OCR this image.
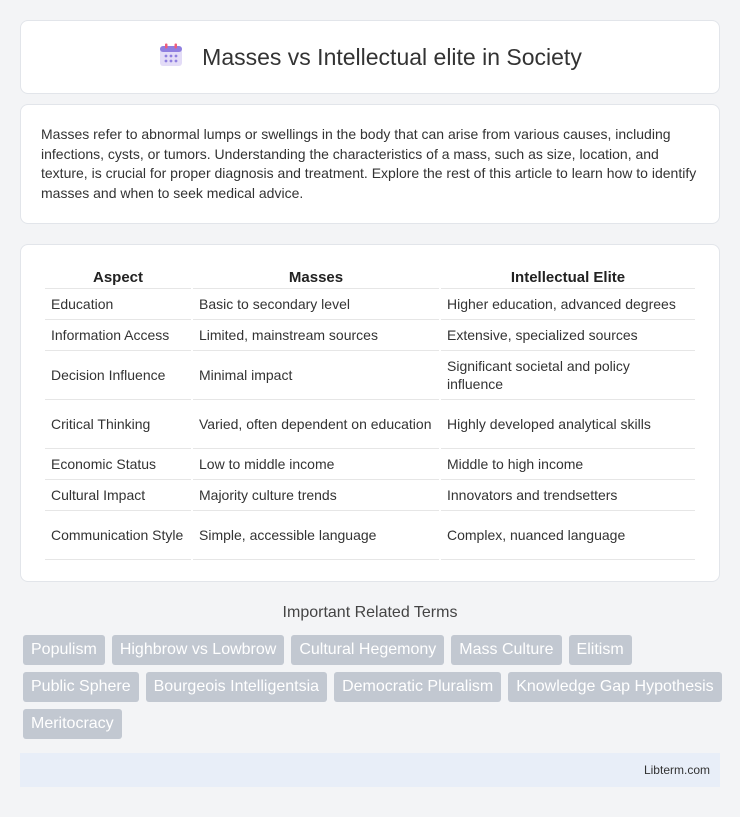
Masses vs Intellectual elite in Society

Masses refer to abnormal lumps or swellings in the body that can arise from various causes, including infections, cysts, or tumors. Understanding the characteristics of a mass, such as size, location, and texture, is crucial for proper diagnosis and treatment. Explore the rest of this article to learn how to identify masses and when to seek medical advice.

Aspect	Masses	Intellectual Elite
Education	Basic to secondary level	Higher education, advanced degrees
Information Access	Limited, mainstream sources	Extensive, specialized sources
Decision Influence	Minimal impact	Significant societal and policy influence
Critical Thinking	Varied, often dependent on education	Highly developed analytical skills
Economic Status	Low to middle income	Middle to high income
Cultural Impact	Majority culture trends	Innovators and trendsetters
Communication Style	Simple, accessible language	Complex, nuanced language
Important Related Terms
Populism	Highbrow vs Lowbrow	Cultural Hegemony	Mass Culture	Elitism
Public Sphere	Bourgeois Intelligentsia	Democratic Pluralism	Knowledge Gap Hypothesis
Meritocracy
Libterm.com
